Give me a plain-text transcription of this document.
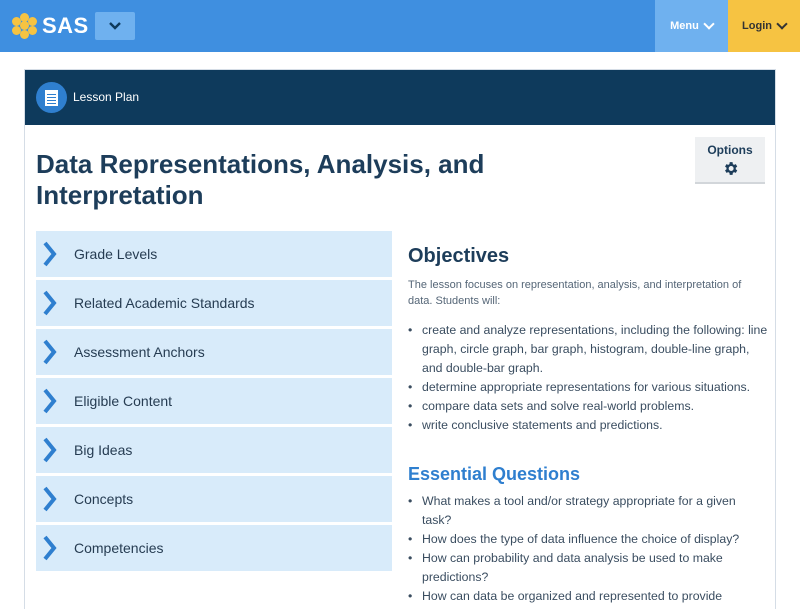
SAS	Menu	Login
Lesson Plan
Data Representations, Analysis, and Interpretation
Options
Grade Levels
Related Academic Standards
Assessment Anchors
Eligible Content
Big Ideas
Concepts
Competencies
Objectives

The lesson focuses on representation, analysis, and interpretation of data. Students will:

• create and analyze representations, including the following: line graph, circle graph, bar graph, histogram, double-line graph, and double-bar graph.
• determine appropriate representations for various situations.
• compare data sets and solve real-world problems.
• write conclusive statements and predictions.
Essential Questions
• What makes a tool and/or strategy appropriate for a given task?
• How does the type of data influence the choice of display?
• How can probability and data analysis be used to make predictions?
• How can data be organized and represented to provide
